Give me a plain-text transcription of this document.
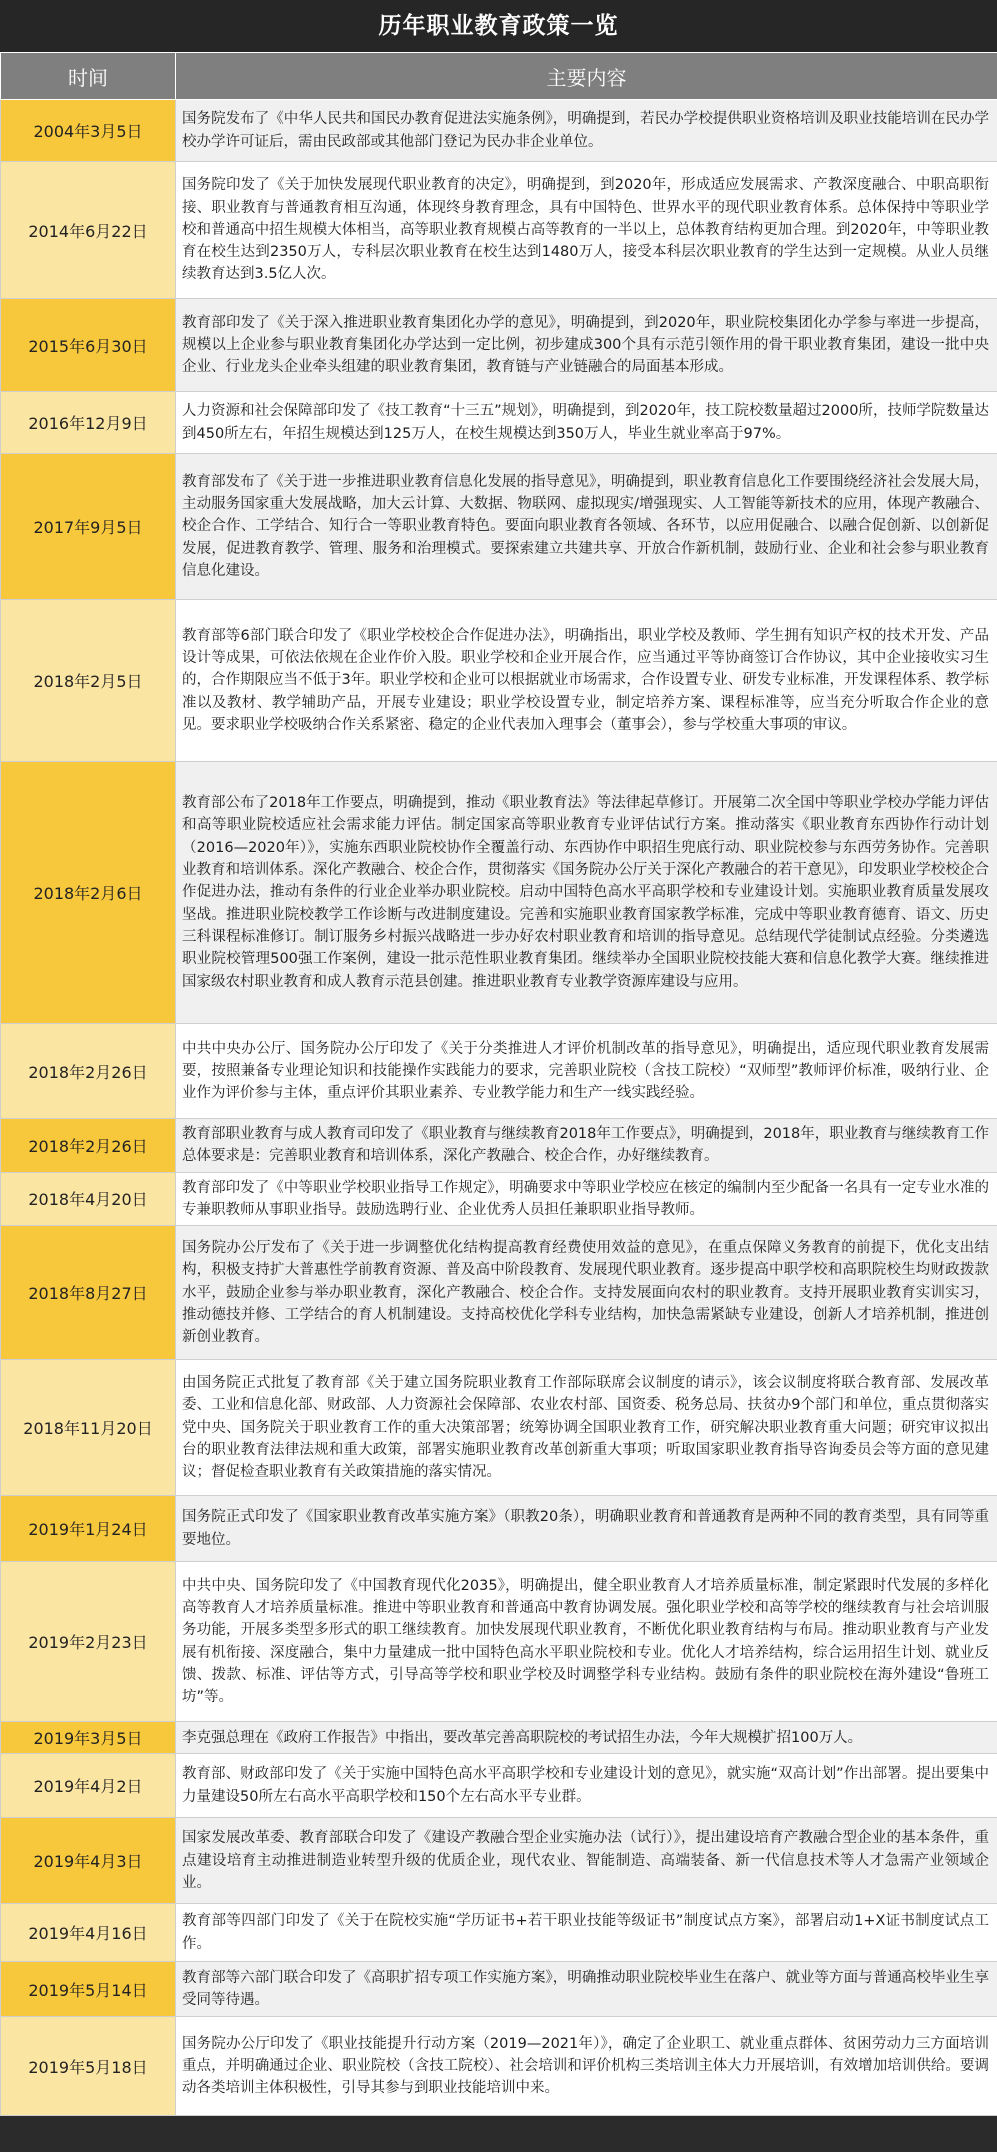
历年职业教育政策一览
时间	主要内容
2004年3月5日	国务院发布了《中华人民共和国民办教育促进法实施条例》，明确提到，若民办学校提供职业资格培训及职业技能培训在民办学校办学许可证后，需由民政部或其他部门登记为民办非企业单位。
2014年6月22日	国务院印发了《关于加快发展现代职业教育的决定》，明确提到，到2020年，形成适应发展需求、产教深度融合、中职高职衔接、职业教育与普通教育相互沟通，体现终身教育理念，具有中国特色、世界水平的现代职业教育体系。总体保持中等职业学校和普通高中招生规模大体相当，高等职业教育规模占高等教育的一半以上，总体教育结构更加合理。到2020年，中等职业教育在校生达到2350万人，专科层次职业教育在校生达到1480万人，接受本科层次职业教育的学生达到一定规模。从业人员继续教育达到3.5亿人次。
2015年6月30日	教育部印发了《关于深入推进职业教育集团化办学的意见》，明确提到，到2020年，职业院校集团化办学参与率进一步提高，规模以上企业参与职业教育集团化办学达到一定比例，初步建成300个具有示范引领作用的骨干职业教育集团，建设一批中央企业、行业龙头企业牵头组建的职业教育集团，教育链与产业链融合的局面基本形成。
2016年12月9日	人力资源和社会保障部印发了《技工教育“十三五”规划》，明确提到，到2020年，技工院校数量超过2000所，技师学院数量达到450所左右，年招生规模达到125万人，在校生规模达到350万人，毕业生就业率高于97%。
2017年9月5日	教育部发布了《关于进一步推进职业教育信息化发展的指导意见》，明确提到，职业教育信息化工作要围绕经济社会发展大局，主动服务国家重大发展战略，加大云计算、大数据、物联网、虚拟现实/增强现实、人工智能等新技术的应用，体现产教融合、校企合作、工学结合、知行合一等职业教育特色。要面向职业教育各领域、各环节，以应用促融合、以融合促创新、以创新促发展，促进教育教学、管理、服务和治理模式。要探索建立共建共享、开放合作新机制，鼓励行业、企业和社会参与职业教育信息化建设。
2018年2月5日	教育部等6部门联合印发了《职业学校校企合作促进办法》，明确指出，职业学校及教师、学生拥有知识产权的技术开发、产品设计等成果，可依法依规在企业作价入股。职业学校和企业开展合作，应当通过平等协商签订合作协议，其中企业接收实习生的，合作期限应当不低于3年。职业学校和企业可以根据就业市场需求，合作设置专业、研发专业标准，开发课程体系、教学标准以及教材、教学辅助产品，开展专业建设；职业学校设置专业，制定培养方案、课程标准等，应当充分听取合作企业的意见。要求职业学校吸纳合作关系紧密、稳定的企业代表加入理事会（董事会），参与学校重大事项的审议。
2018年2月6日	教育部公布了2018年工作要点，明确提到，推动《职业教育法》等法律起草修订。开展第二次全国中等职业学校办学能力评估和高等职业院校适应社会需求能力评估。制定国家高等职业教育专业评估试行方案。推动落实《职业教育东西协作行动计划（2016—2020年）》，实施东西职业院校协作全覆盖行动、东西协作中职招生兜底行动、职业院校参与东西劳务协作。完善职业教育和培训体系。深化产教融合、校企合作，贯彻落实《国务院办公厅关于深化产教融合的若干意见》，印发职业学校校企合作促进办法，推动有条件的行业企业举办职业院校。启动中国特色高水平高职学校和专业建设计划。实施职业教育质量发展攻坚战。推进职业院校教学工作诊断与改进制度建设。完善和实施职业教育国家教学标准，完成中等职业教育德育、语文、历史三科课程标准修订。制订服务乡村振兴战略进一步办好农村职业教育和培训的指导意见。总结现代学徒制试点经验。分类遴选职业院校管理500强工作案例，建设一批示范性职业教育集团。继续举办全国职业院校技能大赛和信息化教学大赛。继续推进国家级农村职业教育和成人教育示范县创建。推进职业教育专业教学资源库建设与应用。
2018年2月26日	中共中央办公厅、国务院办公厅印发了《关于分类推进人才评价机制改革的指导意见》，明确提出，适应现代职业教育发展需要，按照兼备专业理论知识和技能操作实践能力的要求，完善职业院校（含技工院校）“双师型”教师评价标准，吸纳行业、企业作为评价参与主体，重点评价其职业素养、专业教学能力和生产一线实践经验。
2018年2月26日	教育部职业教育与成人教育司印发了《职业教育与继续教育2018年工作要点》，明确提到，2018年，职业教育与继续教育工作总体要求是：完善职业教育和培训体系，深化产教融合、校企合作，办好继续教育。
2018年4月20日	教育部印发了《中等职业学校职业指导工作规定》，明确要求中等职业学校应在核定的编制内至少配备一名具有一定专业水准的专兼职教师从事职业指导。鼓励选聘行业、企业优秀人员担任兼职职业指导教师。
2018年8月27日	国务院办公厅发布了《关于进一步调整优化结构提高教育经费使用效益的意见》，在重点保障义务教育的前提下，优化支出结构，积极支持扩大普惠性学前教育资源、普及高中阶段教育、发展现代职业教育。逐步提高中职学校和高职院校生均财政拨款水平，鼓励企业参与举办职业教育，深化产教融合、校企合作。支持发展面向农村的职业教育。支持开展职业教育实训实习，推动德技并修、工学结合的育人机制建设。支持高校优化学科专业结构，加快急需紧缺专业建设，创新人才培养机制，推进创新创业教育。
2018年11月20日	由国务院正式批复了教育部《关于建立国务院职业教育工作部际联席会议制度的请示》，该会议制度将联合教育部、发展改革委、工业和信息化部、财政部、人力资源社会保障部、农业农村部、国资委、税务总局、扶贫办9个部门和单位，重点贯彻落实党中央、国务院关于职业教育工作的重大决策部署；统筹协调全国职业教育工作，研究解决职业教育重大问题；研究审议拟出台的职业教育法律法规和重大政策，部署实施职业教育改革创新重大事项；听取国家职业教育指导咨询委员会等方面的意见建议；督促检查职业教育有关政策措施的落实情况。
2019年1月24日	国务院正式印发了《国家职业教育改革实施方案》（职教20条），明确职业教育和普通教育是两种不同的教育类型，具有同等重要地位。
2019年2月23日	中共中央、国务院印发了《中国教育现代化2035》，明确提出，健全职业教育人才培养质量标准，制定紧跟时代发展的多样化高等教育人才培养质量标准。推进中等职业教育和普通高中教育协调发展。强化职业学校和高等学校的继续教育与社会培训服务功能，开展多类型多形式的职工继续教育。加快发展现代职业教育，不断优化职业教育结构与布局。推动职业教育与产业发展有机衔接、深度融合，集中力量建成一批中国特色高水平职业院校和专业。优化人才培养结构，综合运用招生计划、就业反馈、拨款、标准、评估等方式，引导高等学校和职业学校及时调整学科专业结构。鼓励有条件的职业院校在海外建设“鲁班工坊”等。
2019年3月5日	李克强总理在《政府工作报告》中指出，要改革完善高职院校的考试招生办法，今年大规模扩招100万人。
2019年4月2日	教育部、财政部印发了《关于实施中国特色高水平高职学校和专业建设计划的意见》，就实施“双高计划”作出部署。提出要集中力量建设50所左右高水平高职学校和150个左右高水平专业群。
2019年4月3日	国家发展改革委、教育部联合印发了《建设产教融合型企业实施办法（试行）》，提出建设培育产教融合型企业的基本条件，重点建设培育主动推进制造业转型升级的优质企业，现代农业、智能制造、高端装备、新一代信息技术等人才急需产业领域企业。
2019年4月16日	教育部等四部门印发了《关于在院校实施“学历证书+若干职业技能等级证书”制度试点方案》，部署启动1+X证书制度试点工作。
2019年5月14日	教育部等六部门联合印发了《高职扩招专项工作实施方案》，明确推动职业院校毕业生在落户、就业等方面与普通高校毕业生享受同等待遇。
2019年5月18日	国务院办公厅印发了《职业技能提升行动方案（2019—2021年）》，确定了企业职工、就业重点群体、贫困劳动力三方面培训重点，并明确通过企业、职业院校（含技工院校）、社会培训和评价机构三类培训主体大力开展培训，有效增加培训供给。要调动各类培训主体积极性，引导其参与到职业技能培训中来。
